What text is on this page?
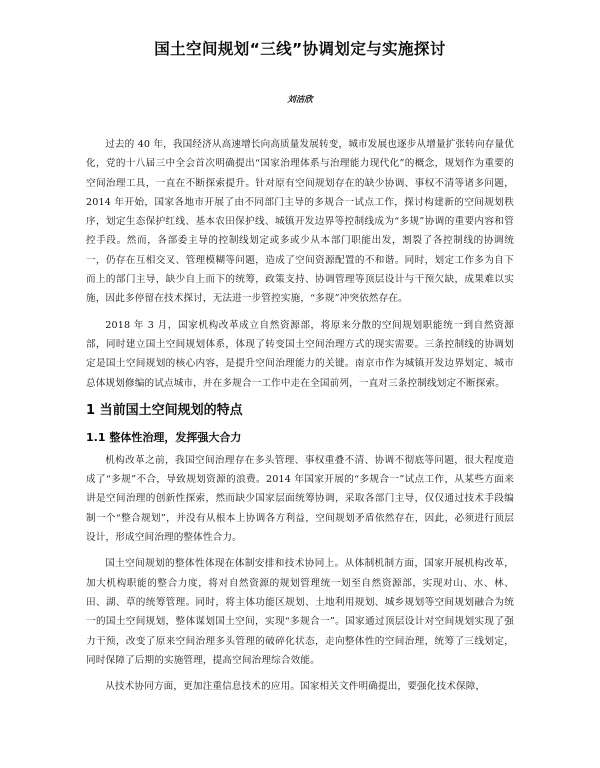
国土空间规划“三线”协调划定与实施探讨
刘洁欣

过去的 40 年，我国经济从高速增长向高质量发展转变，城市发展也逐步从增量扩张转向存量优化，党的十八届三中全会首次明确提出“国家治理体系与治理能力现代化”的概念，规划作为重要的空间治理工具，一直在不断探索提升。针对原有空间规划存在的缺少协调、事权不清等诸多问题，2014 年开始，国家各地市开展了由不同部门主导的多规合一试点工作，探讨构建新的空间规划秩序，划定生态保护红线、基本农田保护线、城镇开发边界等控制线成为“多规”协调的重要内容和管控手段。然而，各部委主导的控制线划定或多或少从本部门职能出发，割裂了各控制线的协调统一，仍存在互相交叉、管理模糊等问题，造成了空间资源配置的不和谐。同时，划定工作多为自下而上的部门主导，缺少自上而下的统筹，政策支持、协调管理等顶层设计与干预欠缺，成果难以实施，因此多停留在技术探讨，无法进一步管控实施，“多规”冲突依然存在。

2018 年 3 月，国家机构改革成立自然资源部，将原来分散的空间规划职能统一到自然资源部，同时建立国土空间规划体系，体现了转变国土空间治理方式的现实需要。三条控制线的协调划定是国土空间规划的核心内容，是提升空间治理能力的关键。南京市作为城镇开发边界划定、城市总体规划修编的试点城市，并在多规合一工作中走在全国前列，一直对三条控制线划定不断探索。

1 当前国土空间规划的特点
1.1 整体性治理，发挥强大合力

机构改革之前，我国空间治理存在多头管理、事权重叠不清、协调不彻底等问题，很大程度造成了“多规”不合，导致规划资源的浪费。2014 年国家开展的“多规合一”试点工作，从某些方面来讲是空间治理的创新性探索，然而缺少国家层面统筹协调，采取各部门主导，仅仅通过技术手段编制一个“整合规划”，并没有从根本上协调各方利益，空间规划矛盾依然存在，因此，必须进行顶层设计，形成空间治理的整体性合力。

国土空间规划的整体性体现在体制安排和技术协同上。从体制机制方面，国家开展机构改革，加大机构职能的整合力度，将对自然资源的规划管理统一划至自然资源部，实现对山、水、林、田、湖、草的统筹管理。同时，将主体功能区规划、土地利用规划、城乡规划等空间规划融合为统一的国土空间规划，整体谋划国土空间，实现“多规合一”。国家通过顶层设计对空间规划实现了强力干预，改变了原来空间治理多头管理的破碎化状态，走向整体性的空间治理，统筹了三线划定，同时保障了后期的实施管理，提高空间治理综合效能。

从技术协同方面，更加注重信息技术的应用。国家相关文件明确提出，要强化技术保障，
